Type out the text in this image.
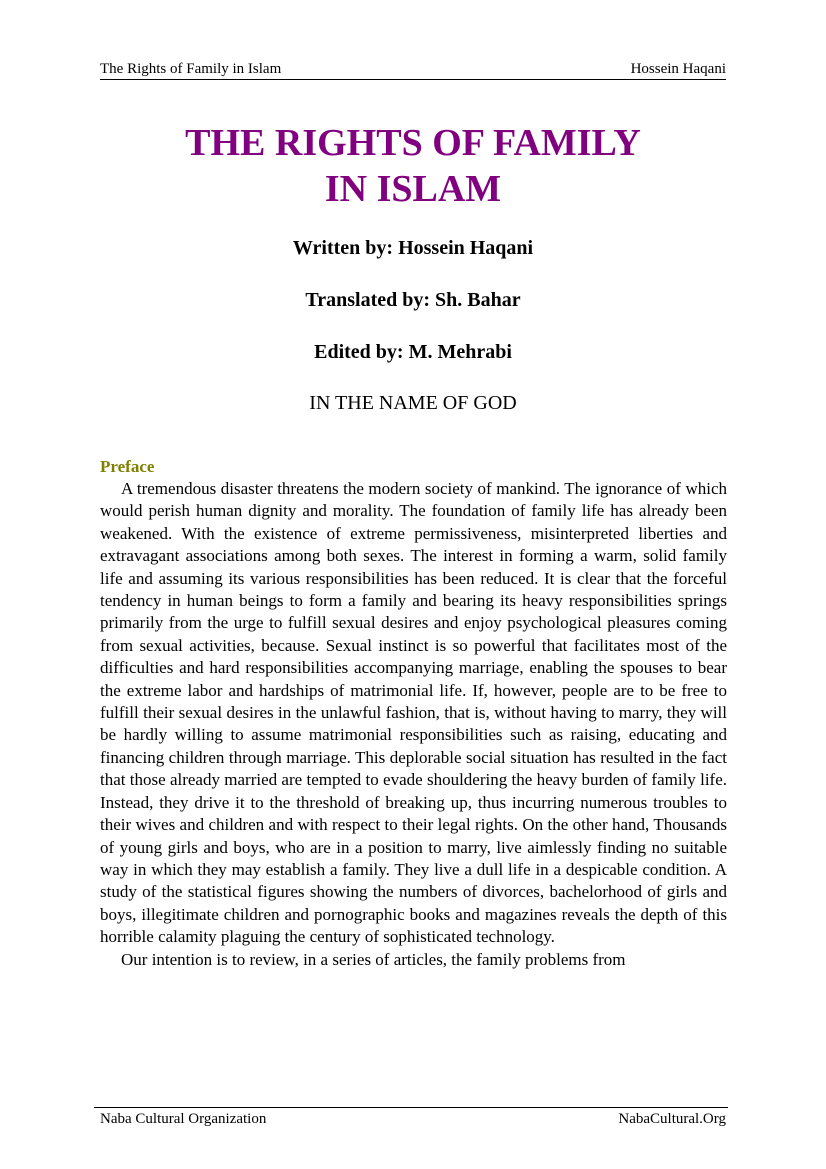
The Rights of Family in Islam	Hossein Haqani
THE RIGHTS OF FAMILY
IN ISLAM
Written by: Hossein Haqani
Translated by: Sh. Bahar
Edited by: M. Mehrabi
IN THE NAME OF GOD
Preface

A tremendous disaster threatens the modern society of mankind. The ignorance of which would perish human dignity and morality. The foundation of family life has already been weakened. With the existence of extreme permissiveness, misinterpreted liberties and extravagant associations among both sexes. The interest in forming a warm, solid family life and assuming its various responsibilities has been reduced. It is clear that the forceful tendency in human beings to form a family and bearing its heavy responsibilities springs primarily from the urge to fulfill sexual desires and enjoy psychological pleasures coming from sexual activities, because. Sexual instinct is so powerful that facilitates most of the difficulties and hard responsibilities accompanying marriage, enabling the spouses to bear the extreme labor and hardships of matrimonial life. If, however, people are to be free to fulfill their sexual desires in the unlawful fashion, that is, without having to marry, they will be hardly willing to assume matrimonial responsibilities such as raising, educating and financing children through marriage. This deplorable social situation has resulted in the fact that those already married are tempted to evade shouldering the heavy burden of family life. Instead, they drive it to the threshold of breaking up, thus incurring numerous troubles to their wives and children and with respect to their legal rights. On the other hand, Thousands of young girls and boys, who are in a position to marry, live aimlessly finding no suitable way in which they may establish a family. They live a dull life in a despicable condition. A study of the statistical figures showing the numbers of divorces, bachelorhood of girls and boys, illegitimate children and pornographic books and magazines reveals the depth of this horrible calamity plaguing the century of sophisticated technology.

Our intention is to review, in a series of articles, the family problems from

Naba Cultural Organization	NabaCultural.Org
